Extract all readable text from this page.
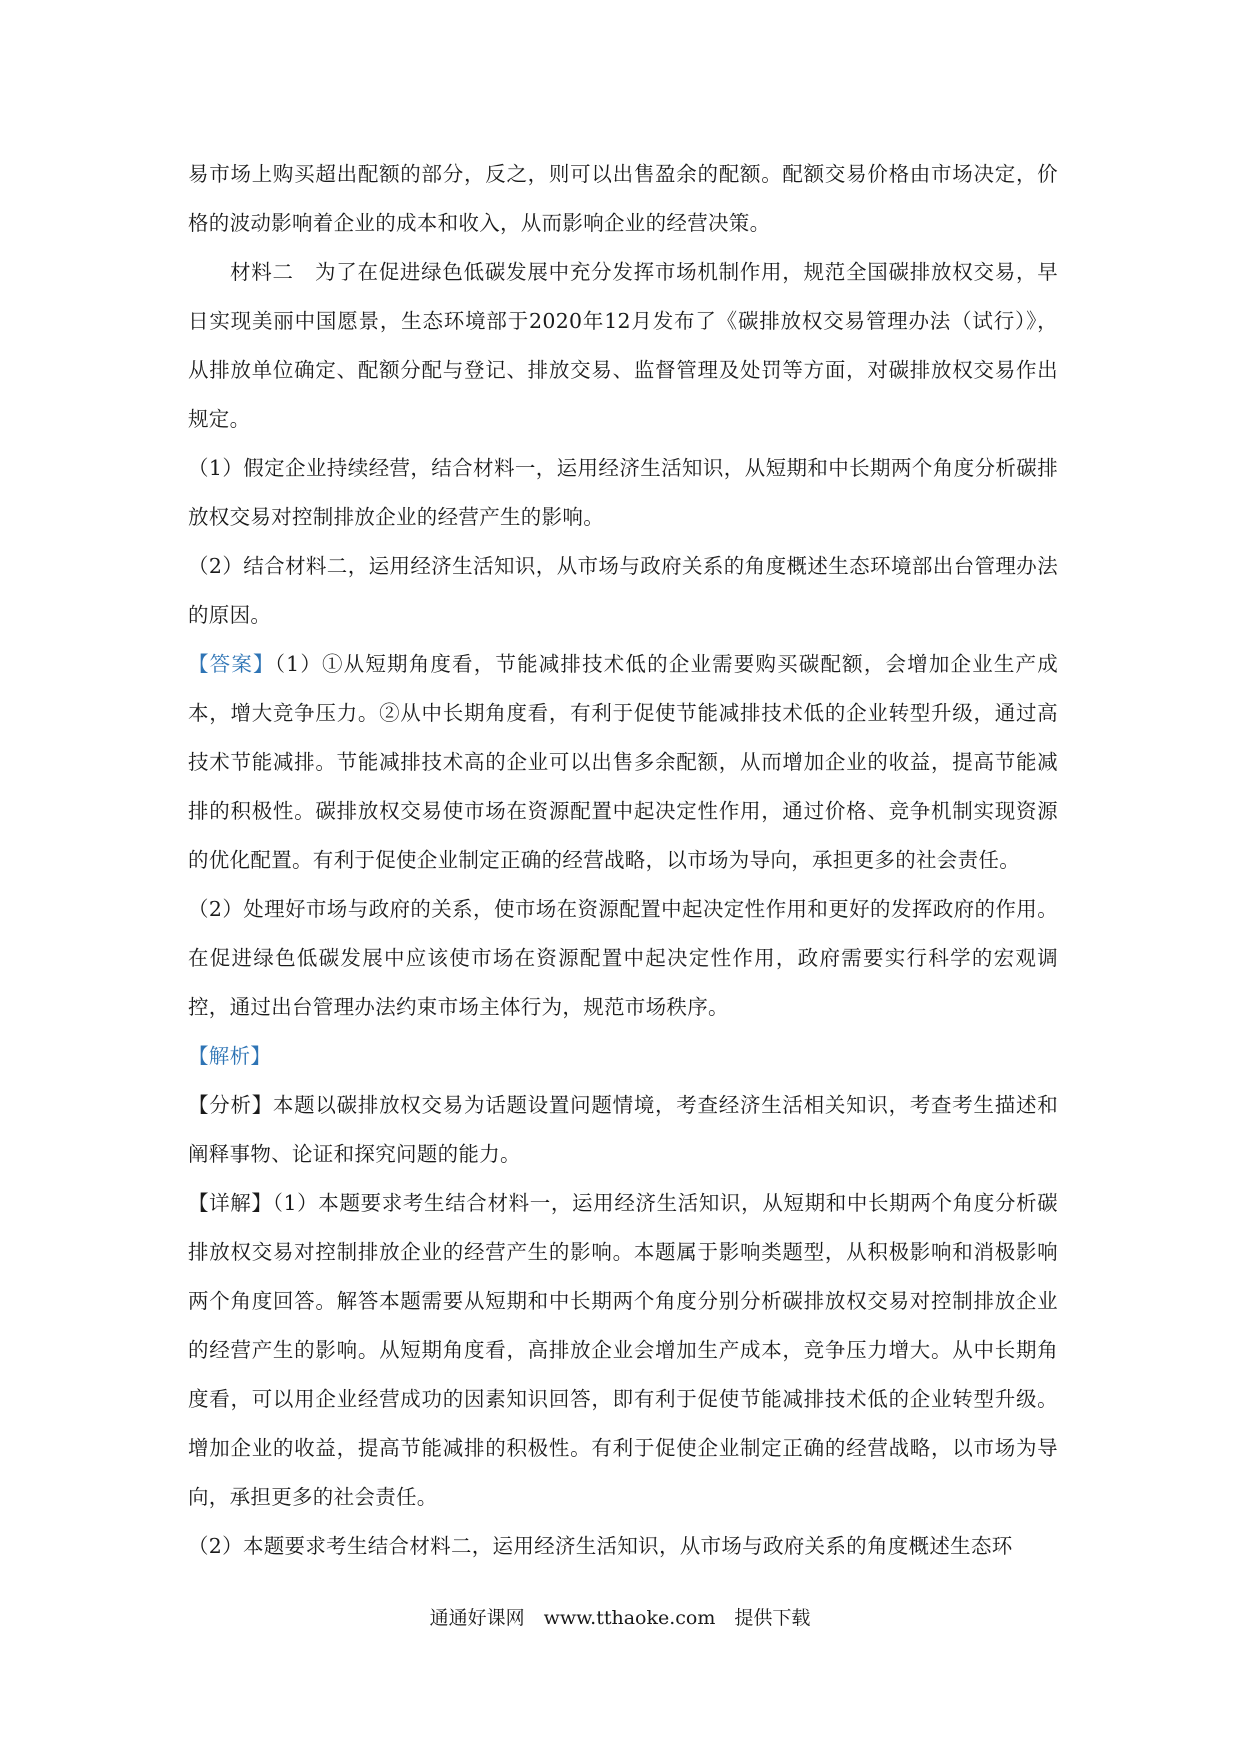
易市场上购买超出配额的部分，反之，则可以出售盈余的配额。配额交易价格由市场决定，价格的波动影响着企业的成本和收入，从而影响企业的经营决策。

材料二　为了在促进绿色低碳发展中充分发挥市场机制作用，规范全国碳排放权交易，早日实现美丽中国愿景，生态环境部于2020年12月发布了《碳排放权交易管理办法（试行）》，从排放单位确定、配额分配与登记、排放交易、监督管理及处罚等方面，对碳排放权交易作出规定。

（1）假定企业持续经营，结合材料一，运用经济生活知识，从短期和中长期两个角度分析碳排放权交易对控制排放企业的经营产生的影响。

（2）结合材料二，运用经济生活知识，从市场与政府关系的角度概述生态环境部出台管理办法的原因。

【答案】（1）①从短期角度看，节能减排技术低的企业需要购买碳配额，会增加企业生产成本，增大竞争压力。②从中长期角度看，有利于促使节能减排技术低的企业转型升级，通过高技术节能减排。节能减排技术高的企业可以出售多余配额，从而增加企业的收益，提高节能减排的积极性。碳排放权交易使市场在资源配置中起决定性作用，通过价格、竞争机制实现资源的优化配置。有利于促使企业制定正确的经营战略，以市场为导向，承担更多的社会责任。

（2）处理好市场与政府的关系，使市场在资源配置中起决定性作用和更好的发挥政府的作用。在促进绿色低碳发展中应该使市场在资源配置中起决定性作用，政府需要实行科学的宏观调控，通过出台管理办法约束市场主体行为，规范市场秩序。

【解析】

【分析】本题以碳排放权交易为话题设置问题情境，考查经济生活相关知识，考查考生描述和阐释事物、论证和探究问题的能力。

【详解】（1）本题要求考生结合材料一，运用经济生活知识，从短期和中长期两个角度分析碳排放权交易对控制排放企业的经营产生的影响。本题属于影响类题型，从积极影响和消极影响两个角度回答。解答本题需要从短期和中长期两个角度分别分析碳排放权交易对控制排放企业的经营产生的影响。从短期角度看，高排放企业会增加生产成本，竞争压力增大。从中长期角度看，可以用企业经营成功的因素知识回答，即有利于促使节能减排技术低的企业转型升级。增加企业的收益，提高节能减排的积极性。有利于促使企业制定正确的经营战略，以市场为导向，承担更多的社会责任。

（2）本题要求考生结合材料二，运用经济生活知识，从市场与政府关系的角度概述生态环

通通好课网　www.tthaoke.com　提供下载
